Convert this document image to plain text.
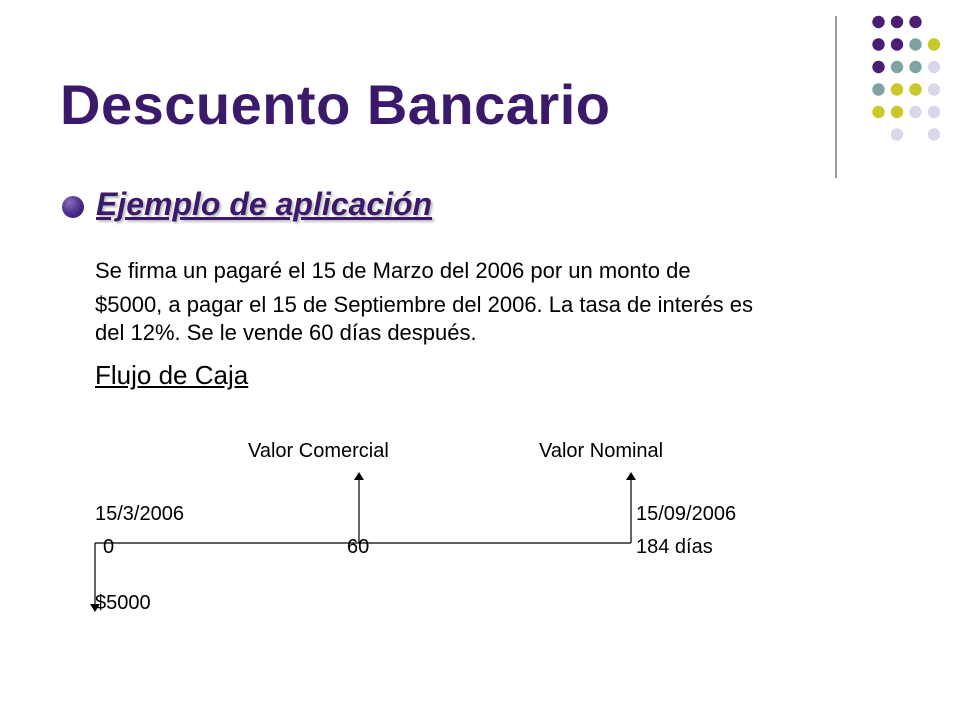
Descuento Bancario
Ejemplo de aplicación
Se firma un pagaré el 15 de Marzo del 2006 por un monto de
$5000, a pagar el 15 de Septiembre del 2006. La tasa de interés es
del 12%. Se le vende 60 días después.
Flujo de Caja
Valor Comercial	Valor Nominal
15/3/2006	15/09/2006
0	60	184 días
$5000
